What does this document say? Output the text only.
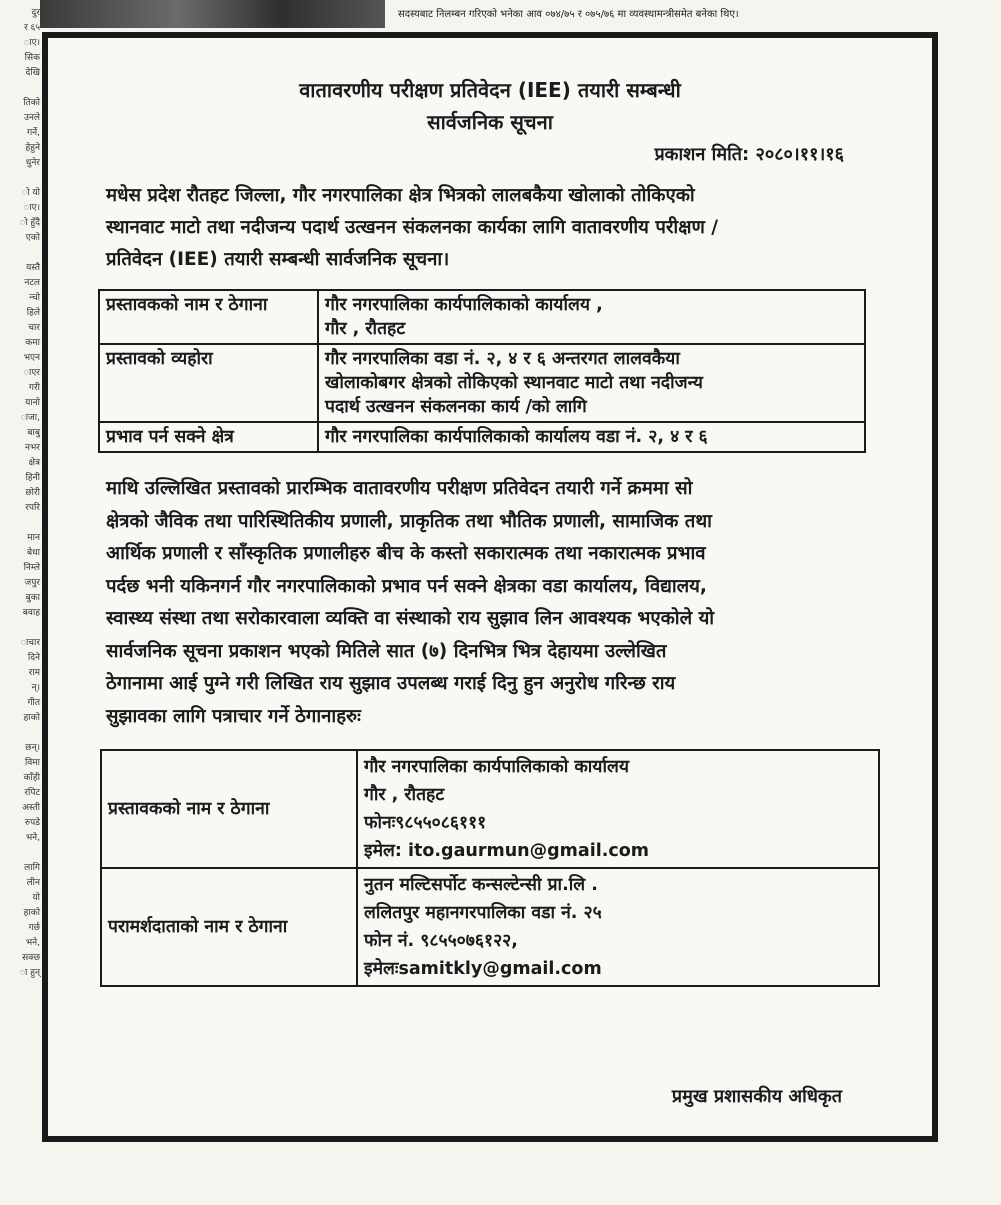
दुर
र ६५
ाए।
सिक
देखि

तिको
उनले
गर्ने,
हेहुने
धुनेर

ो यो
ाए।
ो हुँदै
एको

यस्तै
नटल
न्चो
हिले
चार
कमा
भएन
ाएर
गरी
यानो
ाजा,
बाबु
नभर
क्षेत्र
हिनी
छोरी
रपरि

मान
बेधा
निम्ले
जपुर
बुका
बवाह

ाचार
दिने
राम
न्।
गीत
हाको

छन्।
विमा
काँही
रपिट
अस्ती
रुपडे
भने,

लागि
लीन
यो
हाको
गर्छ
भने,
सक्छ
ा हुन्
सदस्यबाट निलम्बन गरिएको भनेका आव ०७४/७५ र ०७५/७६ मा व्यवस्थामन्त्रीसमेत बनेका थिए।
वातावरणीय परीक्षण प्रतिवेदन (IEE) तयारी सम्बन्धी
सार्वजनिक सूचना
प्रकाशन मिति: २०८०।११।१६
मधेस प्रदेश रौतहट जिल्ला, गौर नगरपालिका क्षेत्र भित्रको लालबकैया खोलाको तोकिएको
स्थानवाट माटो तथा नदीजन्य पदार्थ उत्खनन संकलनका कार्यका लागि वातावरणीय परीक्षण /
प्रतिवेदन (IEE) तयारी सम्बन्धी सार्वजनिक सूचना।
प्रस्तावकको नाम र ठेगाना	गौर नगरपालिका कार्यपालिकाको कार्यालय ,
गौर , रौतहट

प्रस्तावको व्यहोरा	गौर नगरपालिका वडा नं. २, ४ र ६ अन्तरगत लालवकैया
खोलाकोबगर क्षेत्रको तोकिएको स्थानवाट माटो तथा नदीजन्य
पदार्थ उत्खनन संकलनका कार्य /को लागि

प्रभाव पर्न सक्ने क्षेत्र	गौर नगरपालिका कार्यपालिकाको कार्यालय वडा नं. २, ४ र ६
माथि उल्लिखित प्रस्तावको प्रारम्भिक वातावरणीय परीक्षण प्रतिवेदन तयारी गर्ने क्रममा सो
क्षेत्रको जैविक तथा पारिस्थितिकीय प्रणाली, प्राकृतिक तथा भौतिक प्रणाली, सामाजिक तथा
आर्थिक प्रणाली र साँस्कृतिक प्रणालीहरु बीच के कस्तो सकारात्मक तथा नकारात्मक प्रभाव
पर्दछ भनी यकिनगर्न गौर नगरपालिकाको प्रभाव पर्न सक्ने क्षेत्रका वडा कार्यालय, विद्यालय,
स्वास्थ्य संस्था तथा सरोकारवाला व्यक्ति वा संस्थाको राय सुझाव लिन आवश्यक भएकोले यो
सार्वजनिक सूचना प्रकाशन भएको मितिले सात (७) दिनभित्र भित्र देहायमा उल्लेखित
ठेगानामा आई पुग्ने गरी लिखित राय सुझाव उपलब्ध गराई दिनु हुन अनुरोध गरिन्छ राय
सुझावका लागि पत्राचार गर्ने ठेगानाहरुः
प्रस्तावकको नाम र ठेगाना	गौर नगरपालिका कार्यपालिकाको कार्यालय
गौर , रौतहट
फोनः९८५५०८६१११
इमेल: ito.gaurmun@gmail.com

परामर्शदाताको नाम र ठेगाना	नुतन मल्टिसर्पोट कन्सल्टेन्सी प्रा.लि .
ललितपुर महानगरपालिका वडा नं. २५
फोन नं. ९८५५०७६१२२,
इमेलःsamitkly@gmail.com
प्रमुख प्रशासकीय अधिकृत
